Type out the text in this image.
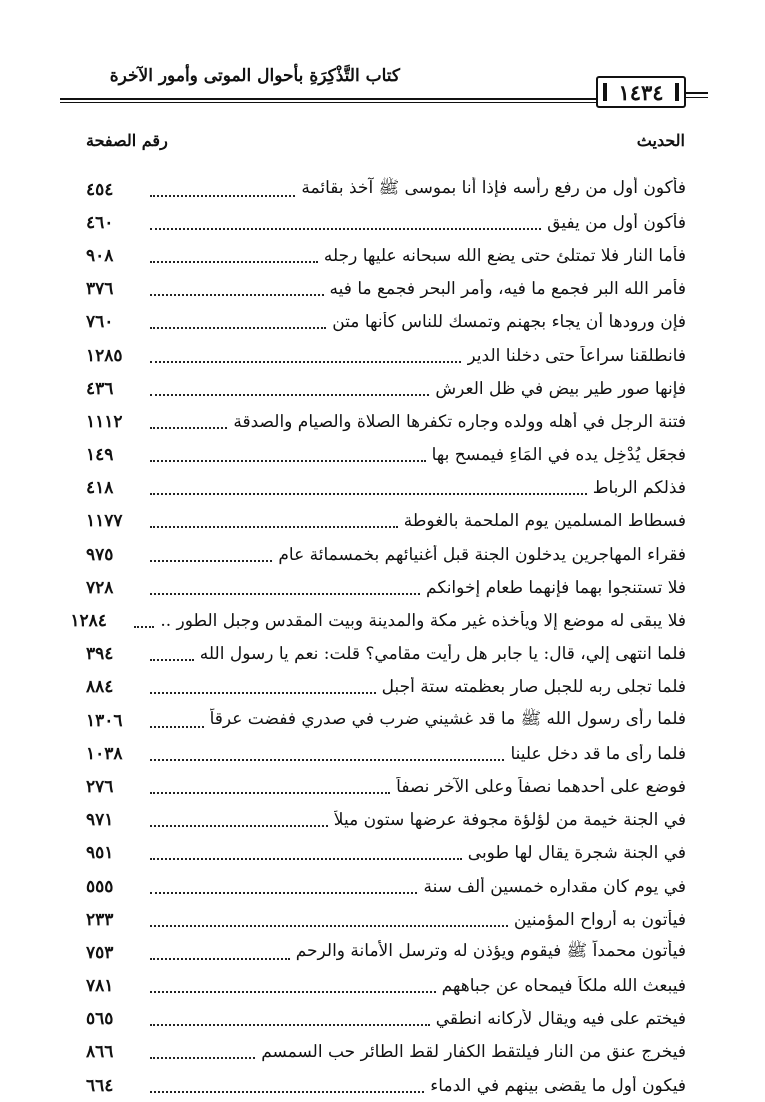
كتاب التَّذْكِرَةِ بأحوال الموتى وأمور الآخرة
١٤٣٤
الحديث
رقم الصفحة
فأكون أول من رفع رأسه فإذا أنا بموسى ﷺ آخذ بقائمة
٤٥٤
فأكون أول من يفيق
٤٦٠
فأما النار فلا تمتلئ حتى يضع الله سبحانه عليها رجله
٩٠٨
فأمر الله البر فجمع ما فيه، وأمر البحر فجمع ما فيه
٣٧٦
فإن ورودها أن يجاء بجهنم وتمسك للناس كأنها متن
٧٦٠
فانطلقنا سراعاً حتى دخلنا الدير
١٢٨٥
فإنها صور طير بيض في ظل العرش
٤٣٦
فتنة الرجل في أهله وولده وجاره تكفرها الصلاة والصيام والصدقة
١١١٢
فجعَل يُدْخِل يده في المَاءِ فيمسح بها
١٤٩
فذلكم الرباط
٤١٨
فسطاط المسلمين يوم الملحمة بالغوطة
١١٧٧
فقراء المهاجرين يدخلون الجنة قبل أغنيائهم بخمسمائة عام
٩٧٥
فلا تستنجوا بهما فإنهما طعام إخوانكم
٧٢٨
فلا يبقى له موضع إلا ويأخذه غير مكة والمدينة وبيت المقدس وجبل الطور ..
١٢٨٤
فلما انتهى إلي، قال: يا جابر هل رأيت مقامي؟ قلت: نعم يا رسول الله
٣٩٤
فلما تجلى ربه للجبل صار بعظمته ستة أجبل
٨٨٤
فلما رأى رسول الله ﷺ ما قد غشيني ضرب في صدري ففضت عرقاً
١٣٠٦
فلما رأى ما قد دخل علينا
١٠٣٨
فوضع على أحدهما نصفاً وعلى الآخر نصفاً
٢٧٦
في الجنة خيمة من لؤلؤة مجوفة عرضها ستون ميلاً
٩٧١
في الجنة شجرة يقال لها طوبى
٩٥١
في يوم كان مقداره خمسين ألف سنة
٥٥٥
فيأتون به أرواح المؤمنين
٢٣٣
فيأتون محمداً ﷺ فيقوم ويؤذن له وترسل الأمانة والرحم
٧٥٣
فيبعث الله ملكاً فيمحاه عن جباههم
٧٨١
فيختم على فيه ويقال لأركانه انطقي
٥٦٥
فيخرج عنق من النار فيلتقط الكفار لقط الطائر حب السمسم
٨٦٦
فيكون أول ما يقضى بينهم في الدماء
٦٦٤
